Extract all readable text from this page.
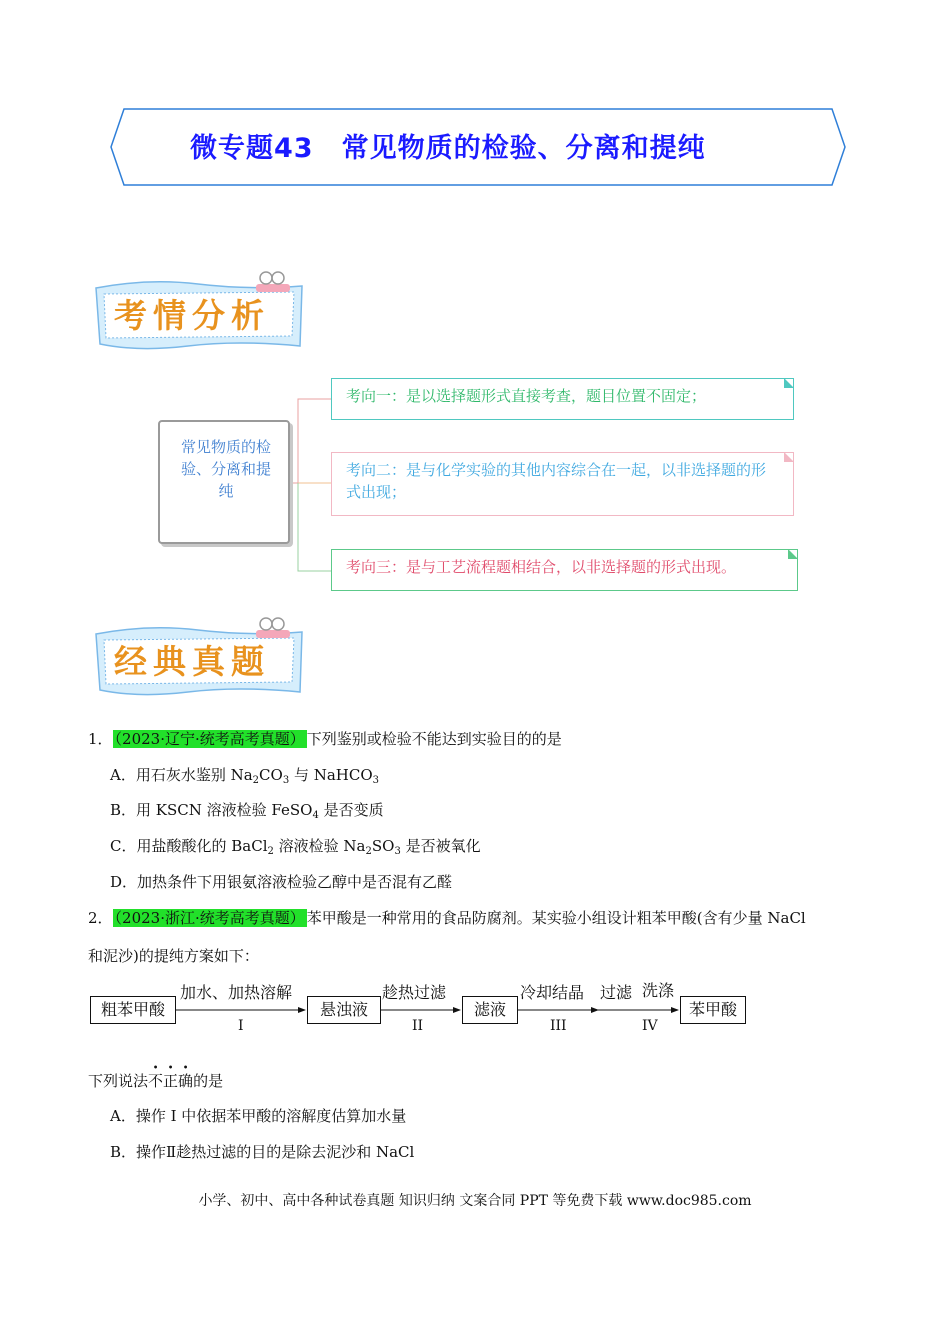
微专题43　常见物质的检验、分离和提纯
考情分析
常见物质的检验、分离和提纯
考向一：是以选择题形式直接考查，题目位置不固定；
考向二：是与化学实验的其他内容综合在一起，以非选择题的形式出现；
考向三：是与工艺流程题相结合，以非选择题的形式出现。
经典真题
1． （2023·辽宁·统考高考真题） 下列鉴别或检验不能达到实验目的的是
A．用石灰水鉴别 $Na_2CO_3$ 与 NaHCO$_3$
B．用 KSCN 溶液检验 FeSO$_4$ 是否变质
C．用盐酸酸化的 BaCl$_2$ 溶液检验 $Na_2SO_3$ 是否被氧化
D．加热条件下用银氨溶液检验乙醇中是否混有乙醛
2． （2023·浙江·统考高考真题） 苯甲酸是一种常用的食品防腐剂。某实验小组设计粗苯甲酸(含有少量 NaCl
和泥沙)的提纯方案如下：
粗苯甲酸	悬浊液	滤液	苯甲酸
加水、加热溶解	趁热过滤	冷却结晶 过滤 洗涤
I	II	III	IV
下列说法不正确的是
A．操作 I 中依据苯甲酸的溶解度估算加水量
B．操作Ⅱ趁热过滤的目的是除去泥沙和 NaCl
小学、初中、高中各种试卷真题 知识归纳 文案合同 PPT 等免费下载 www.doc985.com
